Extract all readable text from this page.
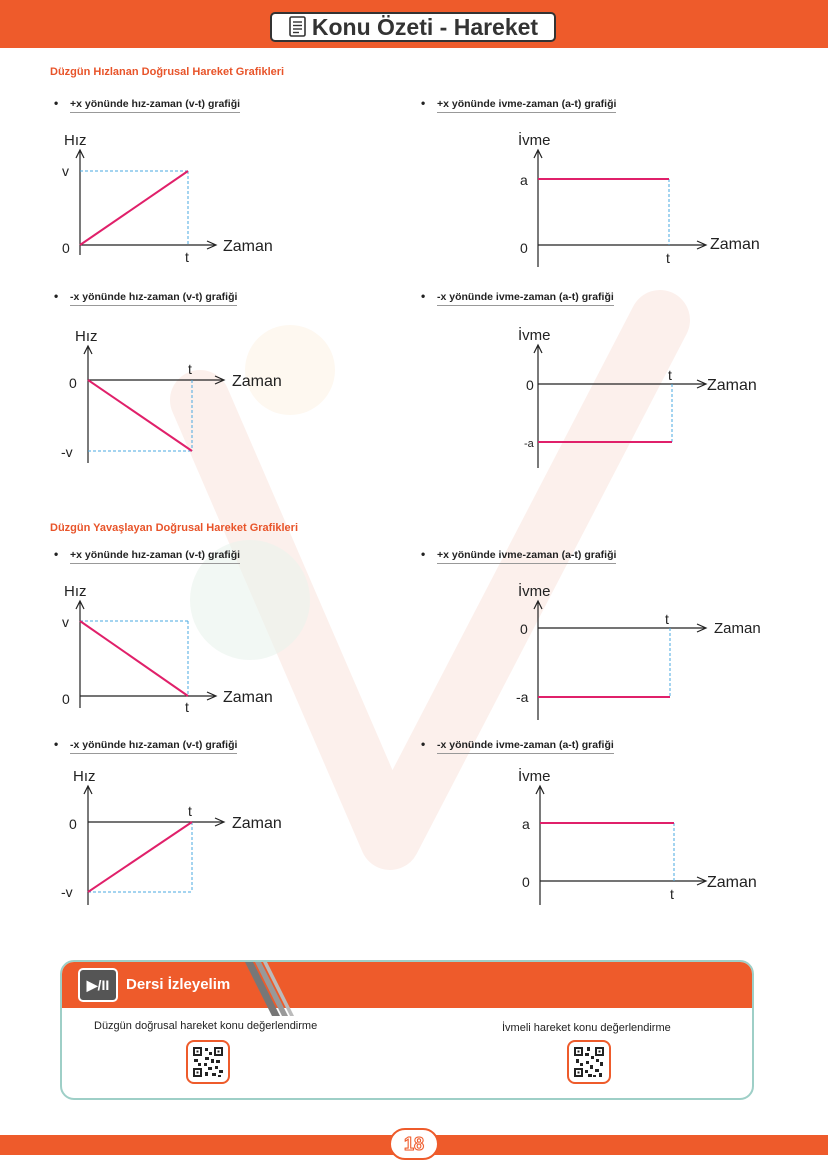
Konu Özeti - Hareket
Düzgün Hızlanan Doğrusal Hareket Grafikleri
• +x yönünde hız-zaman (v-t) grafiği	• +x yönünde ivme-zaman (a-t) grafiği
• -x yönünde hız-zaman (v-t) grafiği	• -x yönünde ivme-zaman (a-t) grafiği
Hız
Zaman
v
0
t
İvme
Zaman
a
0
t
Hız
Zaman
0
-v
t
İvme
Zaman
0
-a
t
Düzgün Yavaşlayan Doğrusal Hareket Grafikleri
• +x yönünde hız-zaman (v-t) grafiği	• +x yönünde ivme-zaman (a-t) grafiği
• -x yönünde hız-zaman (v-t) grafiği	• -x yönünde ivme-zaman (a-t) grafiği
Hız
Zaman
v
0	t
İvme
Zaman
0
-a
t
Hız
Zaman
0
-v
t
İvme
Zaman
a
0
t
▶/II	Dersi İzleyelim
Düzgün doğrusal hareket konu değerlendirme	İvmeli hareket konu değerlendirme
18
